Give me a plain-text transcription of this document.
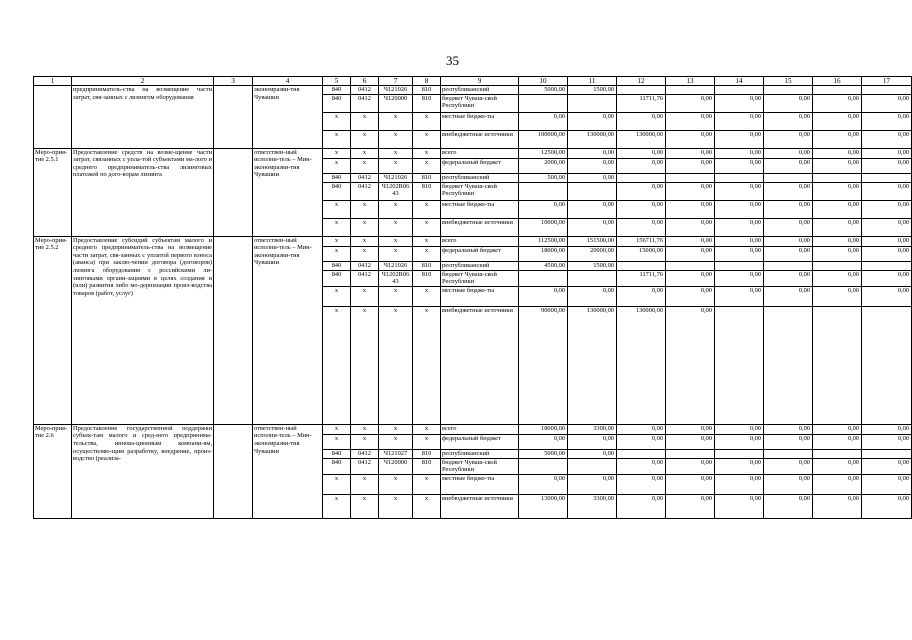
35
1	2	3	4	5	6	7	8	9	10	11	12	13	14	15	16	17
	предприниматель-ства на возмещение части затрат, свя-занных с лизингом оборудования		экономразви-тия Чувашии	840	0412	Ч121026	810	республиканский	5000,00	1500,00						
				840	0412	Ч120000	810	бюджет Чуваш-ской Республики			11711,76	0,00	0,00	0,00	0,00	0,00
				x	x	x	x	местные бюдже-ты	0,00	0,00	0,00	0,00	0,00	0,00	0,00	0,00
				x	x	x	x	внебюджетные источники	100000,00	130000,00	130000,00	0,00	0,00	0,00	0,00	0,00
Меро-прия-тие 2.5.1	Предоставление средств на возме-щение части затрат, связанных с упла-той субъектами ма-лого и среднего предприниматель-ства лизинговых платежей по дого-ворам лизинга		ответствен-ный исполни-тель – Мин-экономразви-тия Чувашии	x	x	x	x	всего	12500,00	0,00	0,00	0,00	0,00	0,00	0,00	0,00
				x	x	x	x	федеральный бюджет	2000,00	0,00	0,00	0,00	0,00	0,00	0,00	0,00
				840	0412	Ч121026	810	республиканский	500,00	0,00						
				840	0412	Ч1202R06 43	810	бюджет Чуваш-ской Республики			0,00	0,00	0,00	0,00	0,00	0,00
				x	x	x	x	местные бюдже-ты	0,00	0,00	0,00	0,00	0,00	0,00	0,00	0,00
				x	x	x	x	внебюджетные источники	10000,00	0,00	0,00	0,00	0,00	0,00	0,00	0,00
Меро-прия-тие 2.5.2	Предоставление субсидий субъектам малого и среднего предприниматель-ства на возмещение части затрат, свя-занных с уплатой первого взноса (аванса) при заклю-чении договора (договоров) лизинга оборудования с российскими ли-зинговыми органи-зациями в целях создания и (или) развития либо мо-дернизации произ-водства товаров (работ, услуг)		ответствен-ный исполни-тель – Мин-экономразви-тия Чувашии	x	x	x	x	всего	112500,00	151500,00	156711,76	0,00	0,00	0,00	0,00	0,00
				x	x	x	x	федеральный бюджет	18000,00	20000,00	15000,00	0,00	0,00	0,00	0,00	0,00
				840	0412	Ч121026	810	республиканский	4500,00	1500,00						
				840	0412	Ч1202R06 43	810	бюджет Чуваш-ской Республики			11711,76	0,00	0,00	0,00	0,00	0,00
				x	x	x	x	местные бюдже-ты	0,00	0,00	0,00	0,00	0,00	0,00	0,00	0,00
				x	x	x	x	внебюджетные источники	90000,00	130000,00	130000,00	0,00				
Меро-прия-тие 2.6	Предоставление государственной поддержки субъек-там малого и сред-него предпринима-тельства, иннова-ционным компани-ям, осуществляю-щим разработку, внедрение, произ-водство (реализа-		ответствен-ный исполни-тель – Мин-экономразви-тия Чувашии	x	x	x	x	всего	18000,00	3300,00	0,00	0,00	0,00	0,00	0,00	0,00
				x	x	x	x	федеральный бюджет	0,00	0,00	0,00	0,00	0,00	0,00	0,00	0,00
				840	0412	Ч121027	810	республиканский	5000,00	0,00						
				840	0412	Ч120000	810	бюджет Чуваш-ской Республики			0,00	0,00	0,00	0,00	0,00	0,00
				x	x	x	x	местные бюдже-ты	0,00	0,00	0,00	0,00	0,00	0,00	0,00	0,00
				x	x	x	x	внебюджетные источники	13000,00	3300,00	0,00	0,00	0,00	0,00	0,00	0,00
